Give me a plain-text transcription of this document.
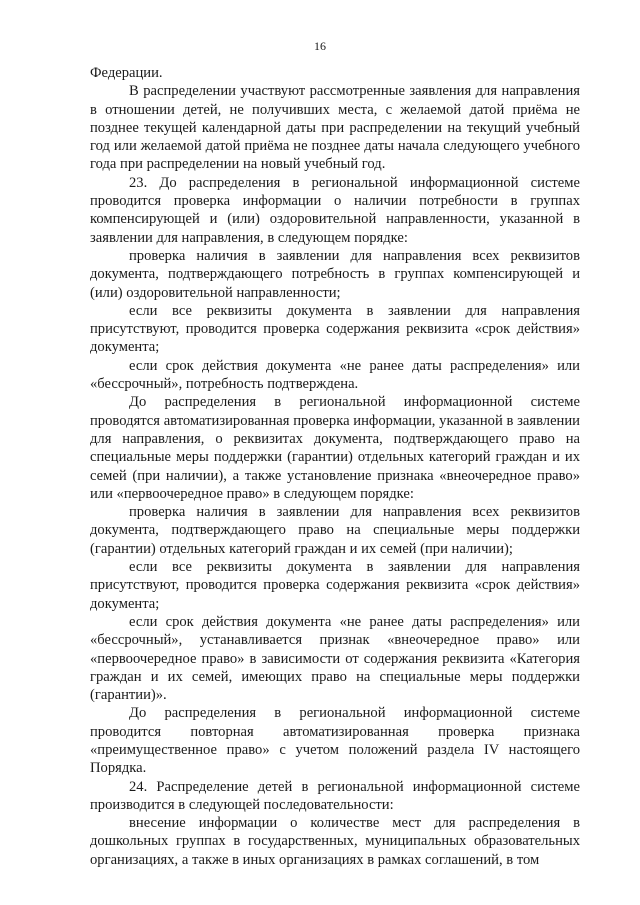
16

Федерации.

В распределении участвуют рассмотренные заявления для направления в отношении детей, не получивших места, с желаемой датой приёма не позднее текущей календарной даты при распределении на текущий учебный год или желаемой датой приёма не позднее даты начала следующего учебного года при распределении на новый учебный год.

23. До распределения в региональной информационной системе проводится проверка информации о наличии потребности в группах компенсирующей и (или) оздоровительной направленности, указанной в заявлении для направления, в следующем порядке:

проверка наличия в заявлении для направления всех реквизитов документа, подтверждающего потребность в группах компенсирующей и (или) оздоровительной направленности;

если все реквизиты документа в заявлении для направления присутствуют, проводится проверка содержания реквизита «срок действия» документа;

если срок действия документа «не ранее даты распределения» или «бессрочный», потребность подтверждена.

До распределения в региональной информационной системе проводятся автоматизированная проверка информации, указанной в заявлении для направления, о реквизитах документа, подтверждающего право на специальные меры поддержки (гарантии) отдельных категорий граждан и их семей (при наличии), а также установление признака «внеочередное право» или «первоочередное право» в следующем порядке:

проверка наличия в заявлении для направления всех реквизитов документа, подтверждающего право на специальные меры поддержки (гарантии) отдельных категорий граждан и их семей (при наличии);

если все реквизиты документа в заявлении для направления присутствуют, проводится проверка содержания реквизита «срок действия» документа;

если срок действия документа «не ранее даты распределения» или «бессрочный», устанавливается признак «внеочередное право» или «первоочередное право» в зависимости от содержания реквизита «Категория граждан и их семей, имеющих право на специальные меры поддержки (гарантии)».

До распределения в региональной информационной системе проводится повторная автоматизированная проверка признака «преимущественное право» с учетом положений раздела IV настоящего Порядка.

24. Распределение детей в региональной информационной системе производится в следующей последовательности:

внесение информации о количестве мест для распределения в дошкольных группах в государственных, муниципальных образовательных организациях, а также в иных организациях в рамках соглашений, в том
